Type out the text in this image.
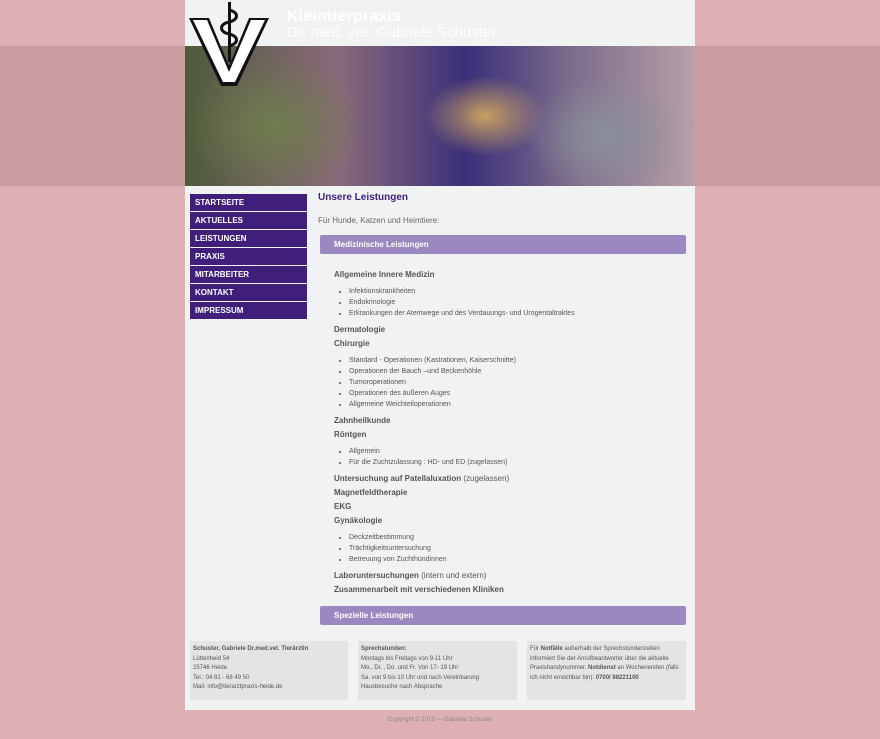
Kleintierpraxis
Dr. med. vet. Gabriele Schuster
STARTSEITE
AKTUELLES
LEISTUNGEN
PRAXIS
MITARBEITER
KONTAKT
IMPRESSUM
Unsere Leistungen
Für Hunde, Katzen und Heimtiere:
Medizinische Leistungen
Spezielle Leistungen

Allgemeine Innere Medizin

• Infektionskrankheiten
• Endokrinologie
• Erkrankungen der Atemwege und des Verdauungs- und Urogentaltraktes

Dermatologie

Chirurgie

• Standard - Operationen (Kastrationen, Kaiserschnitte)
• Operationen der Bauch –und Beckenhöhle
• Tumoroperationen
• Operationen des äußeren Auges
• Allgemeine Weichteiloperationen

Zahnheilkunde

Röntgen

• Allgemein
• Für die Zuchtzulassung : HD- und ED (zugelassen)

Untersuchung auf Patellaluxation (zugelassen)

Magnetfeldtherapie

EKG

Gynäkologie

• Deckzeitbestimmung
• Trächtigkeitsuntersuchung
• Betreuung von Zuchthündinnen

Laboruntersuchungen (intern und extern)

Zusammenarbeit mit verschiedenen Kliniken

Schuster, Gabriele Dr.med.vet. Tierärztin
Lüttenheid 54
25746 Heide
Tel.: 04 81 - 68 49 50
Mail: info@tierarztpraxis-heide.de
Sprechstunden:
Montags bis Freitags von 9-11 Uhr
Mo., Di. , Do. und Fr. Von 17- 19 Uhr
Sa. von 9 bis 10 Uhr und nach Vereinbarung
Hausbesuche nach Absprache
Für Notfälle außerhalb der Sprechstundenzeiten informiert Sie der Anrufbeantworter über die aktuelle Praxishandynummer. Notdienst an Wochenenden (falls ich nicht erreichbar bin): 0700/ 88221100
Copyright © 2015 — Gabriele Schuster
